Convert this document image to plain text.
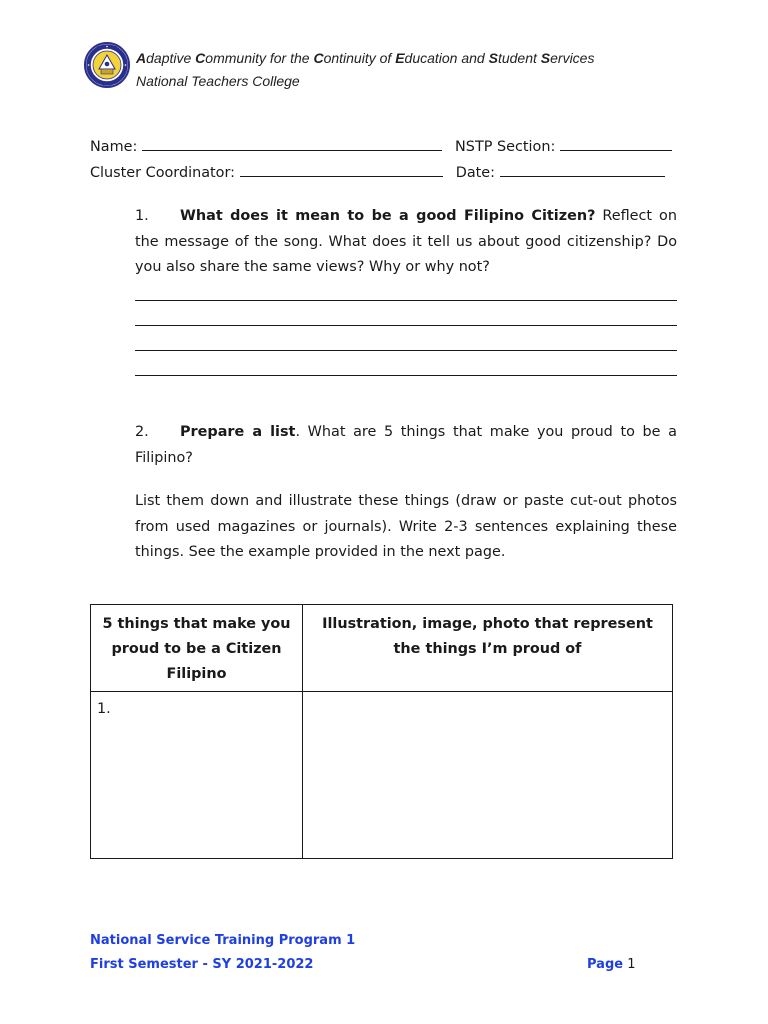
Adaptive Community for the Continuity of Education and Student Services
National Teachers College
Name:	NSTP Section:
Cluster Coordinator:	Date:
1. What does it mean to be a good Filipino Citizen? Reflect on the message of the song. What does it tell us about good citizenship? Do you also share the same views? Why or why not?
2. Prepare a list. What are 5 things that make you proud to be a Filipino?
List them down and illustrate these things (draw or paste cut-out photos from used magazines or journals). Write 2-3 sentences explaining these things. See the example provided in the next page.
5 things that make you proud to be a Citizen Filipino	Illustration, image, photo that represent the things I’m proud of
1.	
National Service Training Program 1
First Semester - SY 2021-2022	Page 1
